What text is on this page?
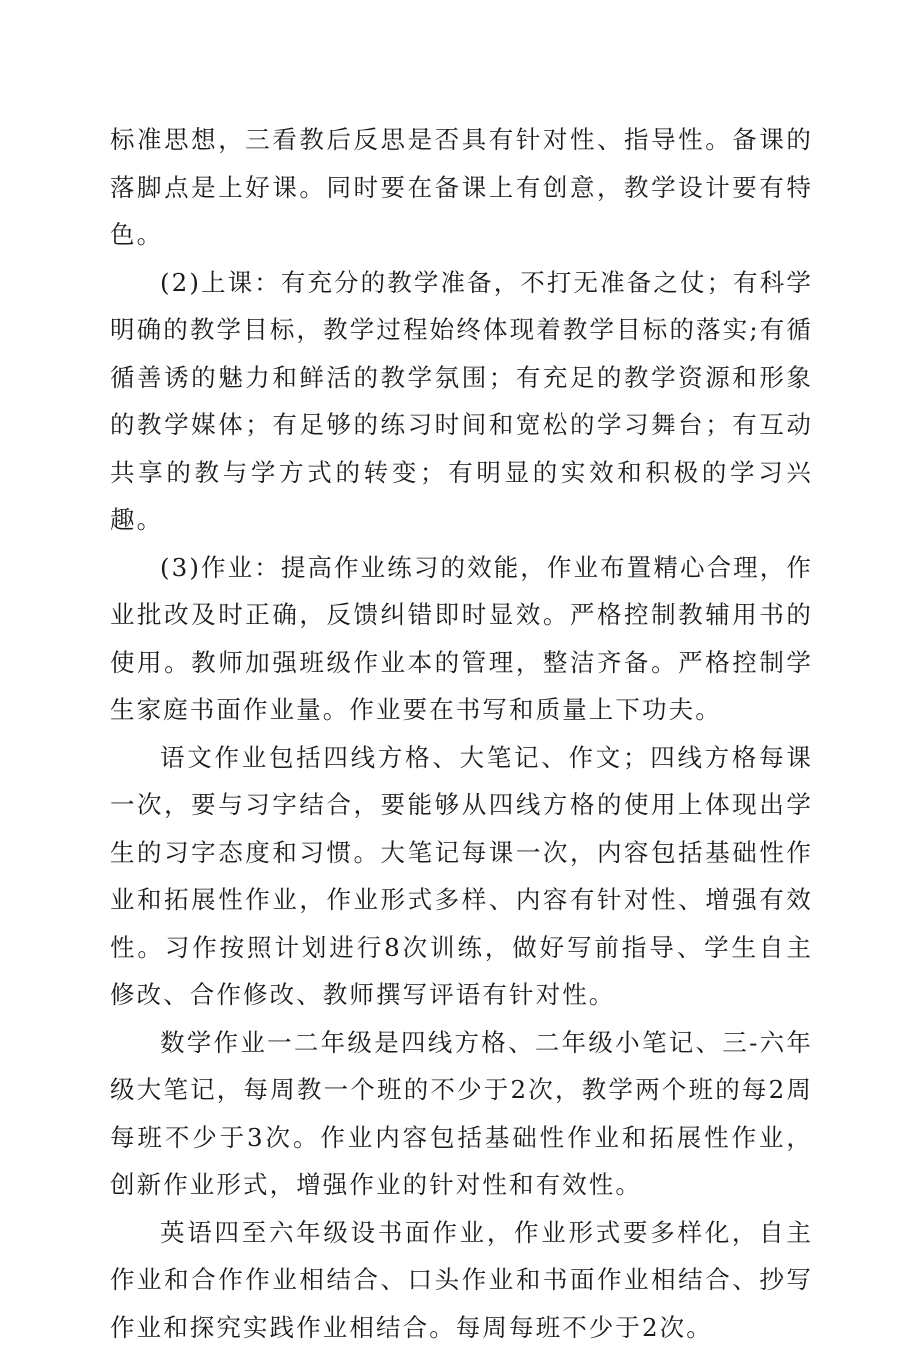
标准思想，三看教后反思是否具有针对性、指导性。备课的落脚点是上好课。同时要在备课上有创意，教学设计要有特色。

(2)上课：有充分的教学准备，不打无准备之仗；有科学明确的教学目标，教学过程始终体现着教学目标的落实;有循循善诱的魅力和鲜活的教学氛围；有充足的教学资源和形象的教学媒体；有足够的练习时间和宽松的学习舞台；有互动共享的教与学方式的转变；有明显的实效和积极的学习兴趣。

(3)作业：提高作业练习的效能，作业布置精心合理，作业批改及时正确，反馈纠错即时显效。严格控制教辅用书的使用。教师加强班级作业本的管理，整洁齐备。严格控制学生家庭书面作业量。作业要在书写和质量上下功夫。

语文作业包括四线方格、大笔记、作文；四线方格每课一次，要与习字结合，要能够从四线方格的使用上体现出学生的习字态度和习惯。大笔记每课一次，内容包括基础性作业和拓展性作业，作业形式多样、内容有针对性、增强有效性。习作按照计划进行8次训练，做好写前指导、学生自主修改、合作修改、教师撰写评语有针对性。

数学作业一二年级是四线方格、二年级小笔记、三-六年级大笔记，每周教一个班的不少于2次，教学两个班的每2周每班不少于3次。作业内容包括基础性作业和拓展性作业，创新作业形式，增强作业的针对性和有效性。

英语四至六年级设书面作业，作业形式要多样化，自主作业和合作作业相结合、口头作业和书面作业相结合、抄写作业和探究实践作业相结合。每周每班不少于2次。
